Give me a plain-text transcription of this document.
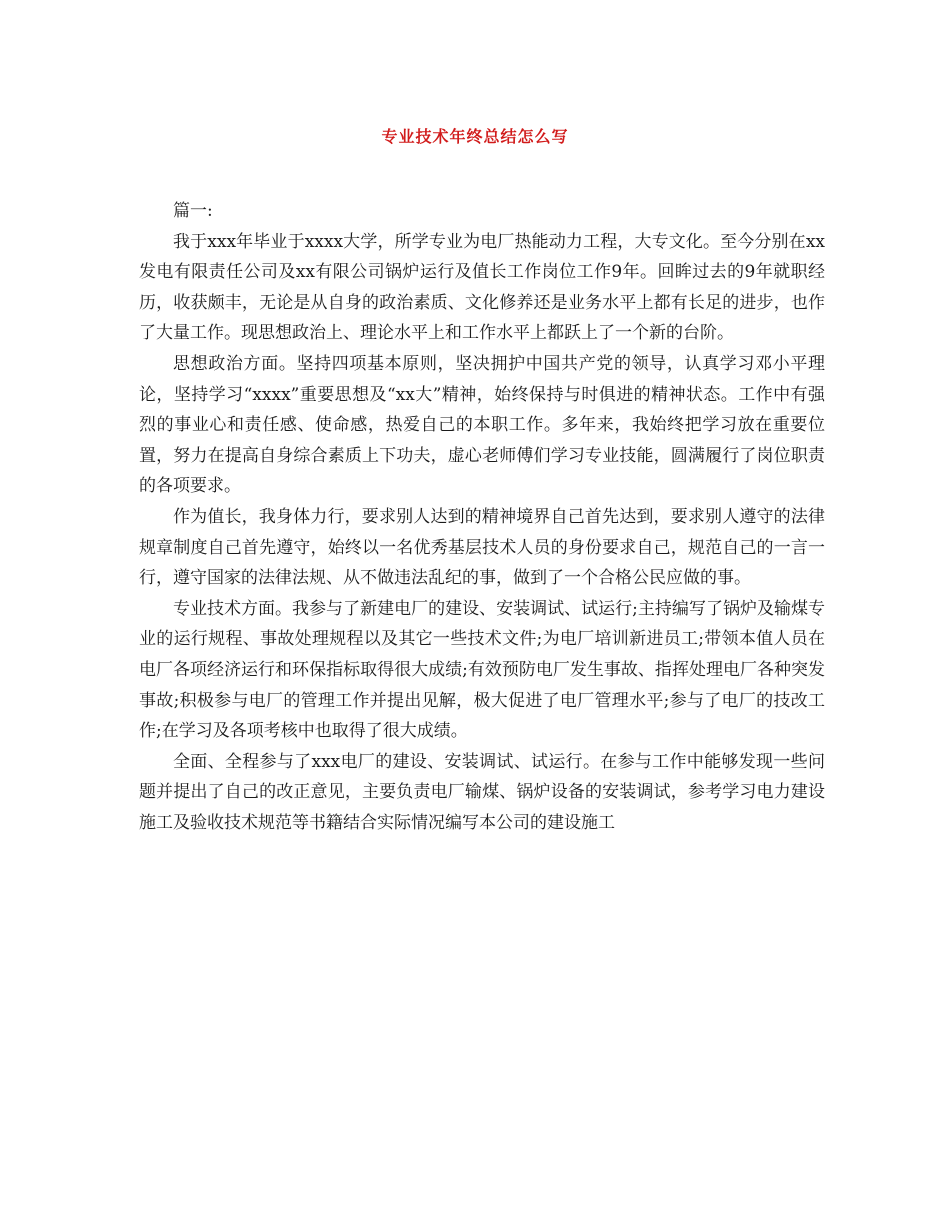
专业技术年终总结怎么写

篇一:

我于xxx年毕业于xxxx大学，所学专业为电厂热能动力工程，大专文化。至今分别在xx发电有限责任公司及xx有限公司锅炉运行及值长工作岗位工作9年。回眸过去的9年就职经历，收获颇丰，无论是从自身的政治素质、文化修养还是业务水平上都有长足的进步，也作了大量工作。现思想政治上、理论水平上和工作水平上都跃上了一个新的台阶。

思想政治方面。坚持四项基本原则，坚决拥护中国共产党的领导，认真学习邓小平理论，坚持学习“xxxx”重要思想及“xx大”精神，始终保持与时俱进的精神状态。工作中有强烈的事业心和责任感、使命感，热爱自己的本职工作。多年来，我始终把学习放在重要位置，努力在提高自身综合素质上下功夫，虚心老师傅们学习专业技能，圆满履行了岗位职责的各项要求。

作为值长，我身体力行，要求别人达到的精神境界自己首先达到，要求别人遵守的法律规章制度自己首先遵守，始终以一名优秀基层技术人员的身份要求自己，规范自己的一言一行，遵守国家的法律法规、从不做违法乱纪的事，做到了一个合格公民应做的事。

专业技术方面。我参与了新建电厂的建设、安装调试、试运行;主持编写了锅炉及输煤专业的运行规程、事故处理规程以及其它一些技术文件;为电厂培训新进员工;带领本值人员在电厂各项经济运行和环保指标取得很大成绩;有效预防电厂发生事故、指挥处理电厂各种突发事故;积极参与电厂的管理工作并提出见解，极大促进了电厂管理水平;参与了电厂的技改工作;在学习及各项考核中也取得了很大成绩。

全面、全程参与了xxx电厂的建设、安装调试、试运行。在参与工作中能够发现一些问题并提出了自己的改正意见，主要负责电厂输煤、锅炉设备的安装调试，参考学习电力建设施工及验收技术规范等书籍结合实际情况编写本公司的建设施工
